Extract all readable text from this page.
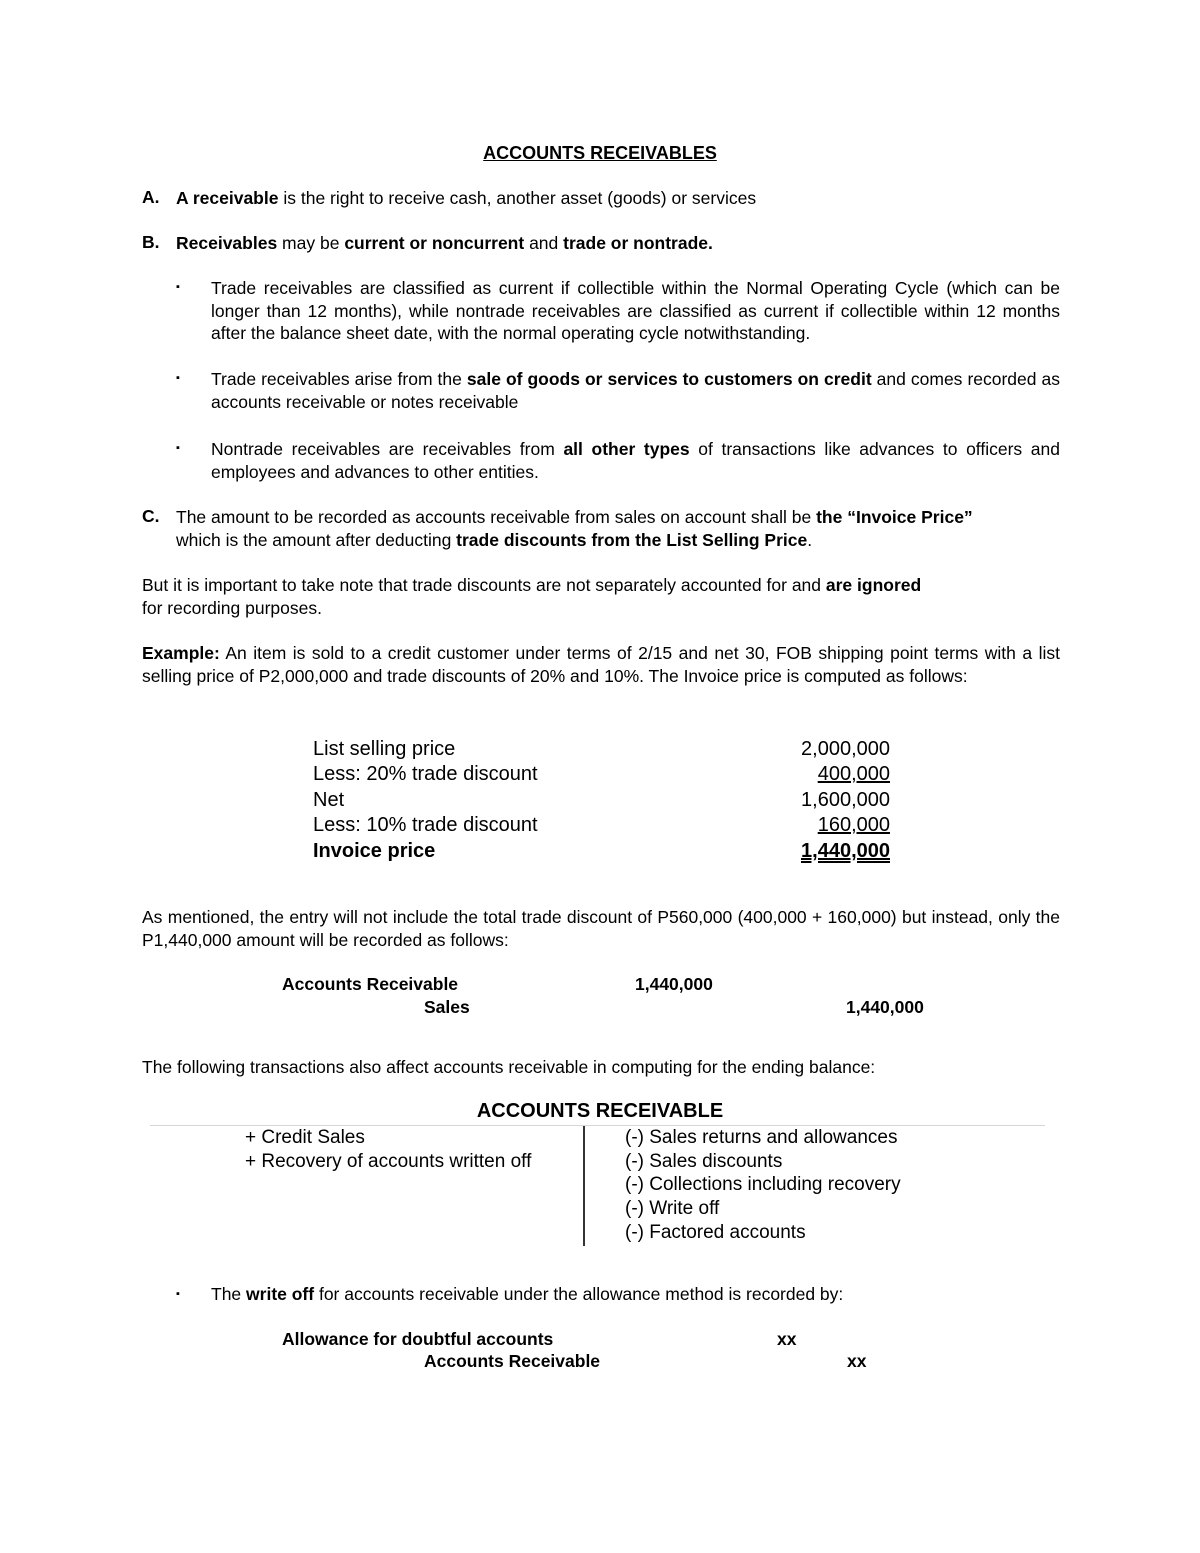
ACCOUNTS RECEIVABLES
A. A receivable is the right to receive cash, another asset (goods) or services
B. Receivables may be current or noncurrent and trade or nontrade.
▪ Trade receivables are classified as current if collectible within the Normal Operating Cycle (which can be longer than 12 months), while nontrade receivables are classified as current if collectible within 12 months after the balance sheet date, with the normal operating cycle notwithstanding.
▪ Trade receivables arise from the sale of goods or services to customers on credit and comes recorded as accounts receivable or notes receivable
▪ Nontrade receivables are receivables from all other types of transactions like advances to officers and employees and advances to other entities.
C. The amount to be recorded as accounts receivable from sales on account shall be the “Invoice Price”
which is the amount after deducting trade discounts from the List Selling Price.
But it is important to take note that trade discounts are not separately accounted for and are ignored
for recording purposes.
Example: An item is sold to a credit customer under terms of 2/15 and net 30, FOB shipping point terms with a list selling price of P2,000,000 and trade discounts of 20% and 10%. The Invoice price is computed as follows:
List selling price	2,000,000
Less: 20% trade discount	400,000
Net	1,600,000
Less: 10% trade discount	160,000
Invoice price	1,440,000
As mentioned, the entry will not include the total trade discount of P560,000 (400,000 + 160,000) but instead, only the P1,440,000 amount will be recorded as follows:
Accounts Receivable	1,440,000
Sales	1,440,000
The following transactions also affect accounts receivable in computing for the ending balance:
ACCOUNTS RECEIVABLE
+ Credit Sales
+ Recovery of accounts written off
(-) Sales returns and allowances
(-) Sales discounts
(-) Collections including recovery
(-) Write off
(-) Factored accounts
▪ The write off for accounts receivable under the allowance method is recorded by:
Allowance for doubtful accounts	xx
Accounts Receivable	xx
